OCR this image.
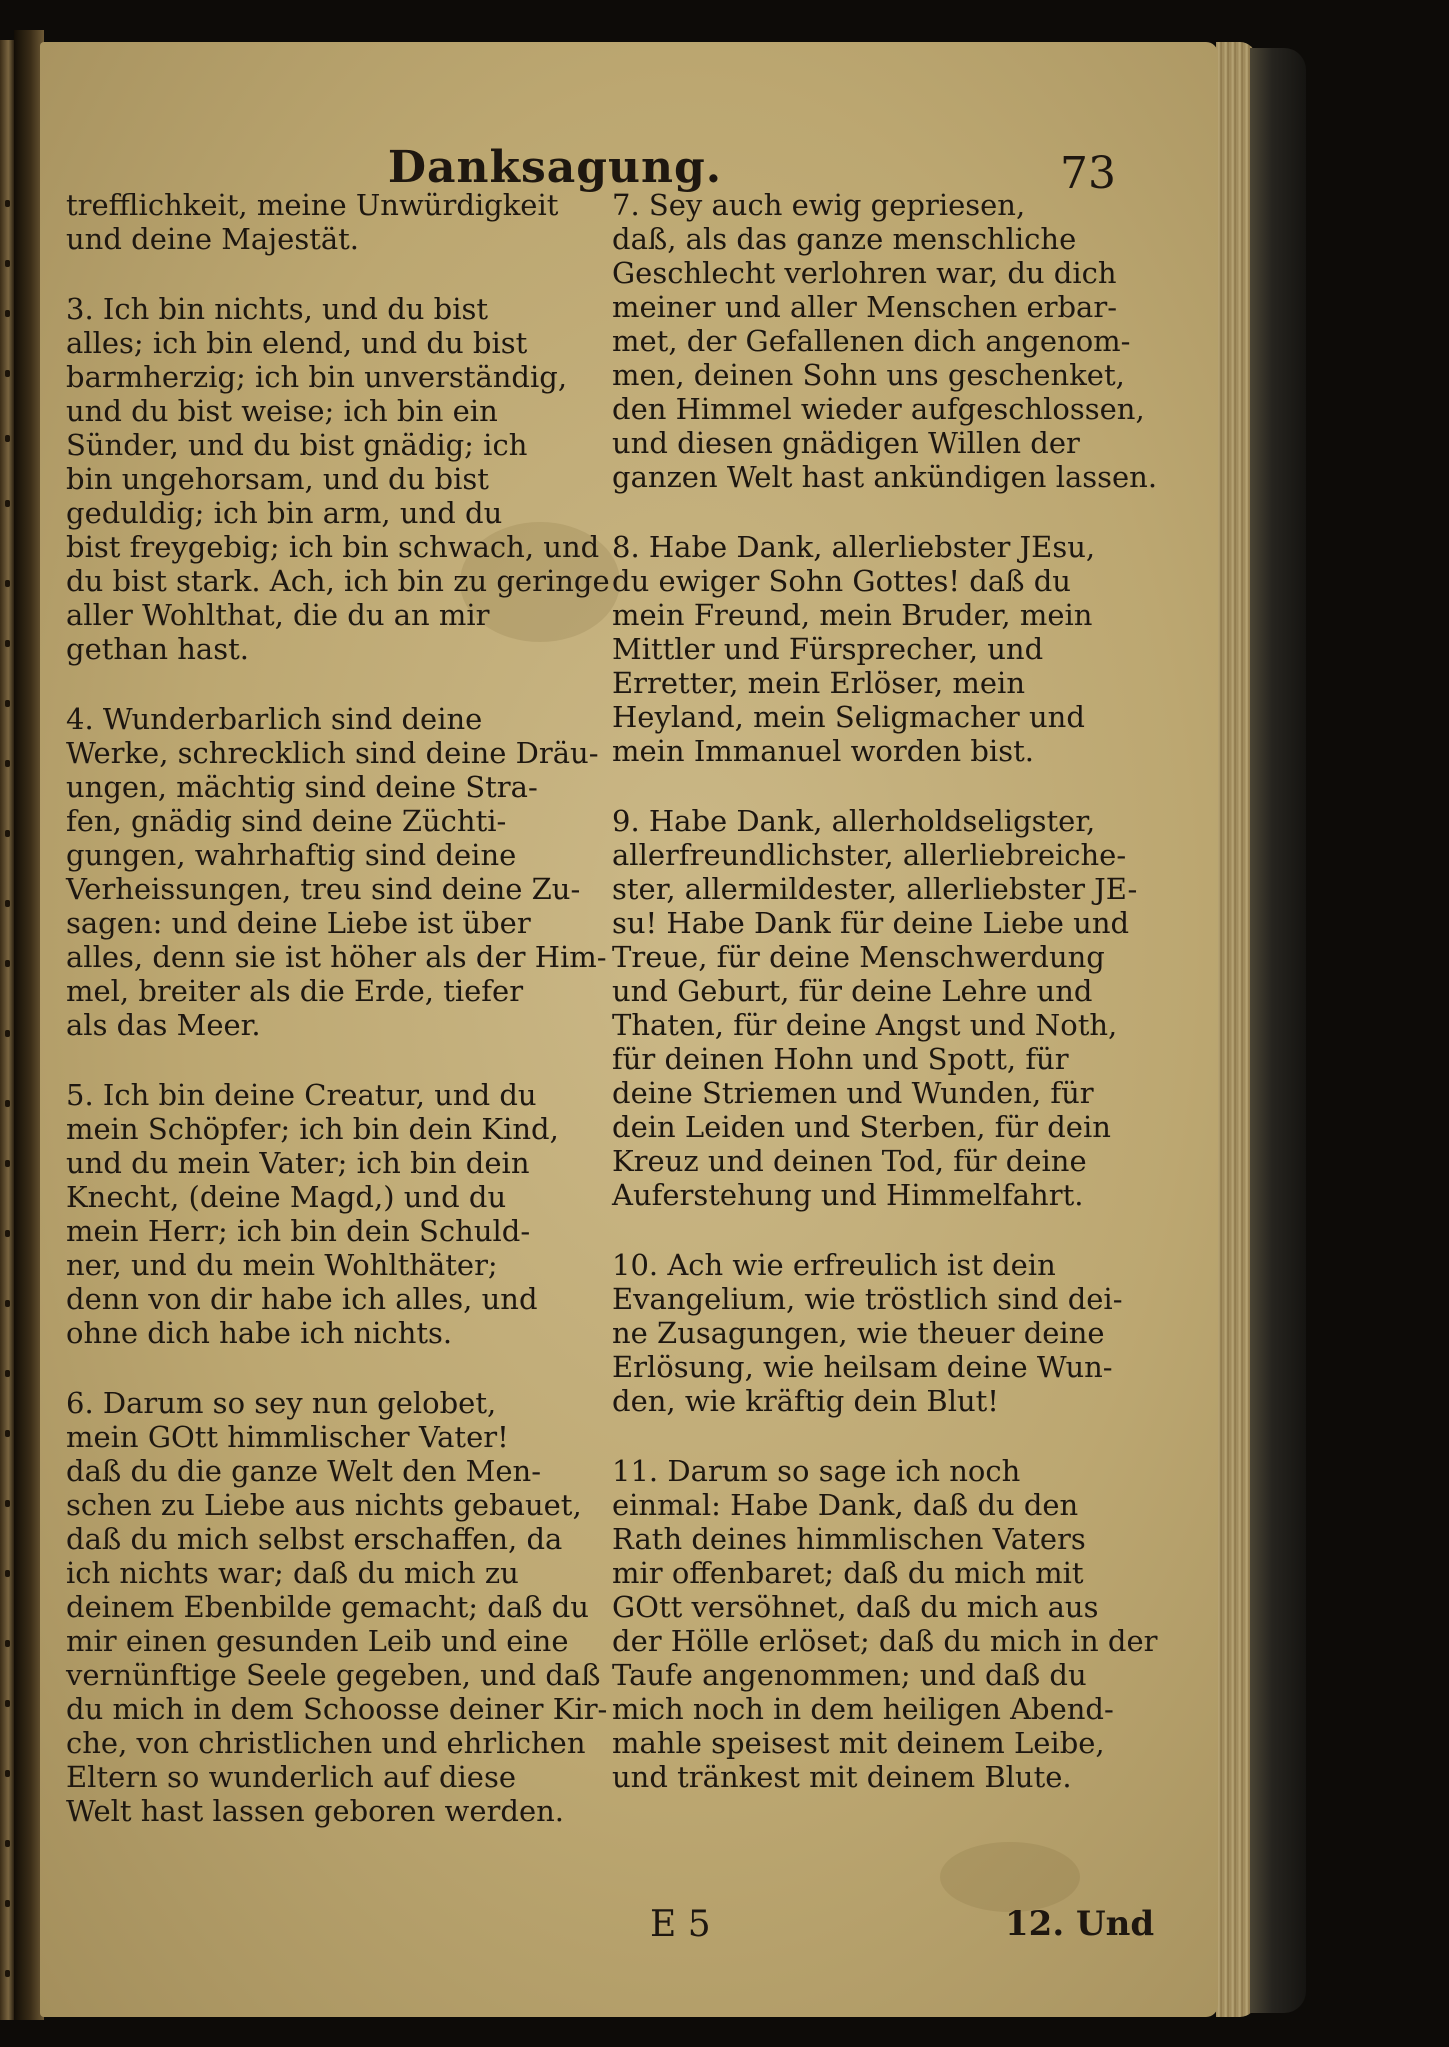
Danksagung.	73

trefflichkeit, meine Unwürdigkeit
und deine Majestät.

3. Ich bin nichts, und du bist
alles; ich bin elend, und du bist
barmherzig; ich bin unverständig,
und du bist weise; ich bin ein
Sünder, und du bist gnädig; ich
bin ungehorsam, und du bist
geduldig; ich bin arm, und du
bist freygebig; ich bin schwach, und
du bist stark. Ach, ich bin zu geringe
aller Wohlthat, die du an mir
gethan hast.

4. Wunderbarlich sind deine
Werke, schrecklich sind deine Dräu-
ungen, mächtig sind deine Stra-
fen, gnädig sind deine Züchti-
gungen, wahrhaftig sind deine
Verheissungen, treu sind deine Zu-
sagen: und deine Liebe ist über
alles, denn sie ist höher als der Him-
mel, breiter als die Erde, tiefer
als das Meer.

5. Ich bin deine Creatur, und du
mein Schöpfer; ich bin dein Kind,
und du mein Vater; ich bin dein
Knecht, (deine Magd,) und du
mein Herr; ich bin dein Schuld-
ner, und du mein Wohlthäter;
denn von dir habe ich alles, und
ohne dich habe ich nichts.

6. Darum so sey nun gelobet,
mein GOtt himmlischer Vater!
daß du die ganze Welt den Men-
schen zu Liebe aus nichts gebauet,
daß du mich selbst erschaffen, da
ich nichts war; daß du mich zu
deinem Ebenbilde gemacht; daß du
mir einen gesunden Leib und eine
vernünftige Seele gegeben, und daß
du mich in dem Schoosse deiner Kir-
che, von christlichen und ehrlichen
Eltern so wunderlich auf diese
Welt hast lassen geboren werden.

7. Sey auch ewig gepriesen,
daß, als das ganze menschliche
Geschlecht verlohren war, du dich
meiner und aller Menschen erbar-
met, der Gefallenen dich angenom-
men, deinen Sohn uns geschenket,
den Himmel wieder aufgeschlossen,
und diesen gnädigen Willen der
ganzen Welt hast ankündigen lassen.

8. Habe Dank, allerliebster JEsu,
du ewiger Sohn Gottes! daß du
mein Freund, mein Bruder, mein
Mittler und Fürsprecher, und
Erretter, mein Erlöser, mein
Heyland, mein Seligmacher und
mein Immanuel worden bist.

9. Habe Dank, allerholdseligster,
allerfreundlichster, allerliebreiche-
ster, allermildester, allerliebster JE-
su! Habe Dank für deine Liebe und
Treue, für deine Menschwerdung
und Geburt, für deine Lehre und
Thaten, für deine Angst und Noth,
für deinen Hohn und Spott, für
deine Striemen und Wunden, für
dein Leiden und Sterben, für dein
Kreuz und deinen Tod, für deine
Auferstehung und Himmelfahrt.

10. Ach wie erfreulich ist dein
Evangelium, wie tröstlich sind dei-
ne Zusagungen, wie theuer deine
Erlösung, wie heilsam deine Wun-
den, wie kräftig dein Blut!

11. Darum so sage ich noch
einmal: Habe Dank, daß du den
Rath deines himmlischen Vaters
mir offenbaret; daß du mich mit
GOtt versöhnet, daß du mich aus
der Hölle erlöset; daß du mich in der
Taufe angenommen; und daß du
mich noch in dem heiligen Abend-
mahle speisest mit deinem Leibe,
und tränkest mit deinem Blute.

E 5	12. Und
